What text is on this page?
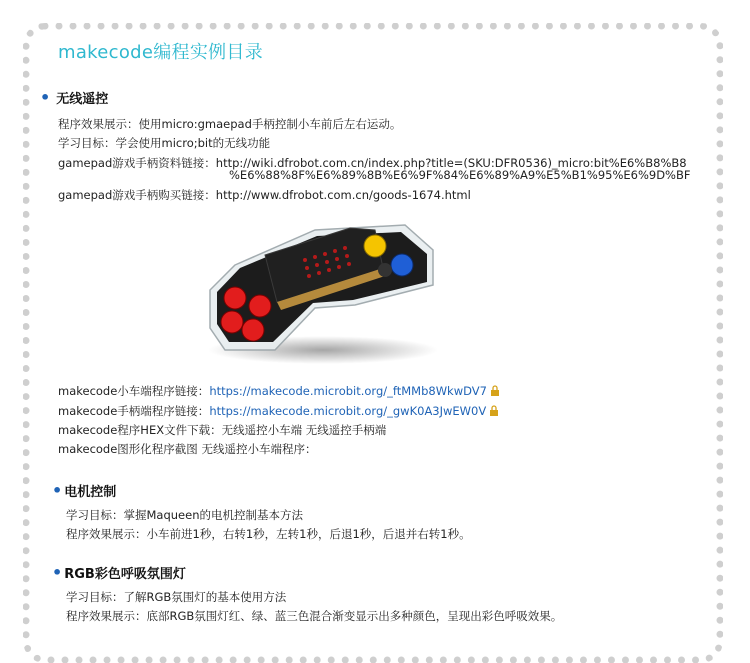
makecode编程实例目录
• 无线遥控
程序效果展示：使用micro:gmaepad手柄控制小车前后左右运动。
学习目标：学会使用micro;bit的无线功能
gamepad游戏手柄资料链接：http://wiki.dfrobot.com.cn/index.php?title=(SKU:DFR0536)_micro:bit%E6%B8%B8
%E6%88%8F%E6%89%8B%E6%9F%84%E6%89%A9%E5%B1%95%E6%9D%BF
gamepad游戏手柄购买链接：http://www.dfrobot.com.cn/goods-1674.html
makecode小车端程序链接：https://makecode.microbit.org/_ftMMb8WkwDV7
makecode手柄端程序链接：https://makecode.microbit.org/_gwK0A3JwEW0V
makecode程序HEX文件下载：无线遥控小车端 无线遥控手柄端
makecode图形化程序截图 无线遥控小车端程序：
• 电机控制
学习目标：掌握Maqueen的电机控制基本方法
程序效果展示：小车前进1秒，右转1秒，左转1秒，后退1秒，后退并右转1秒。
• RGB彩色呼吸氛围灯
学习目标：了解RGB氛围灯的基本使用方法
程序效果展示：底部RGB氛围灯红、绿、蓝三色混合渐变显示出多种颜色，呈现出彩色呼吸效果。
